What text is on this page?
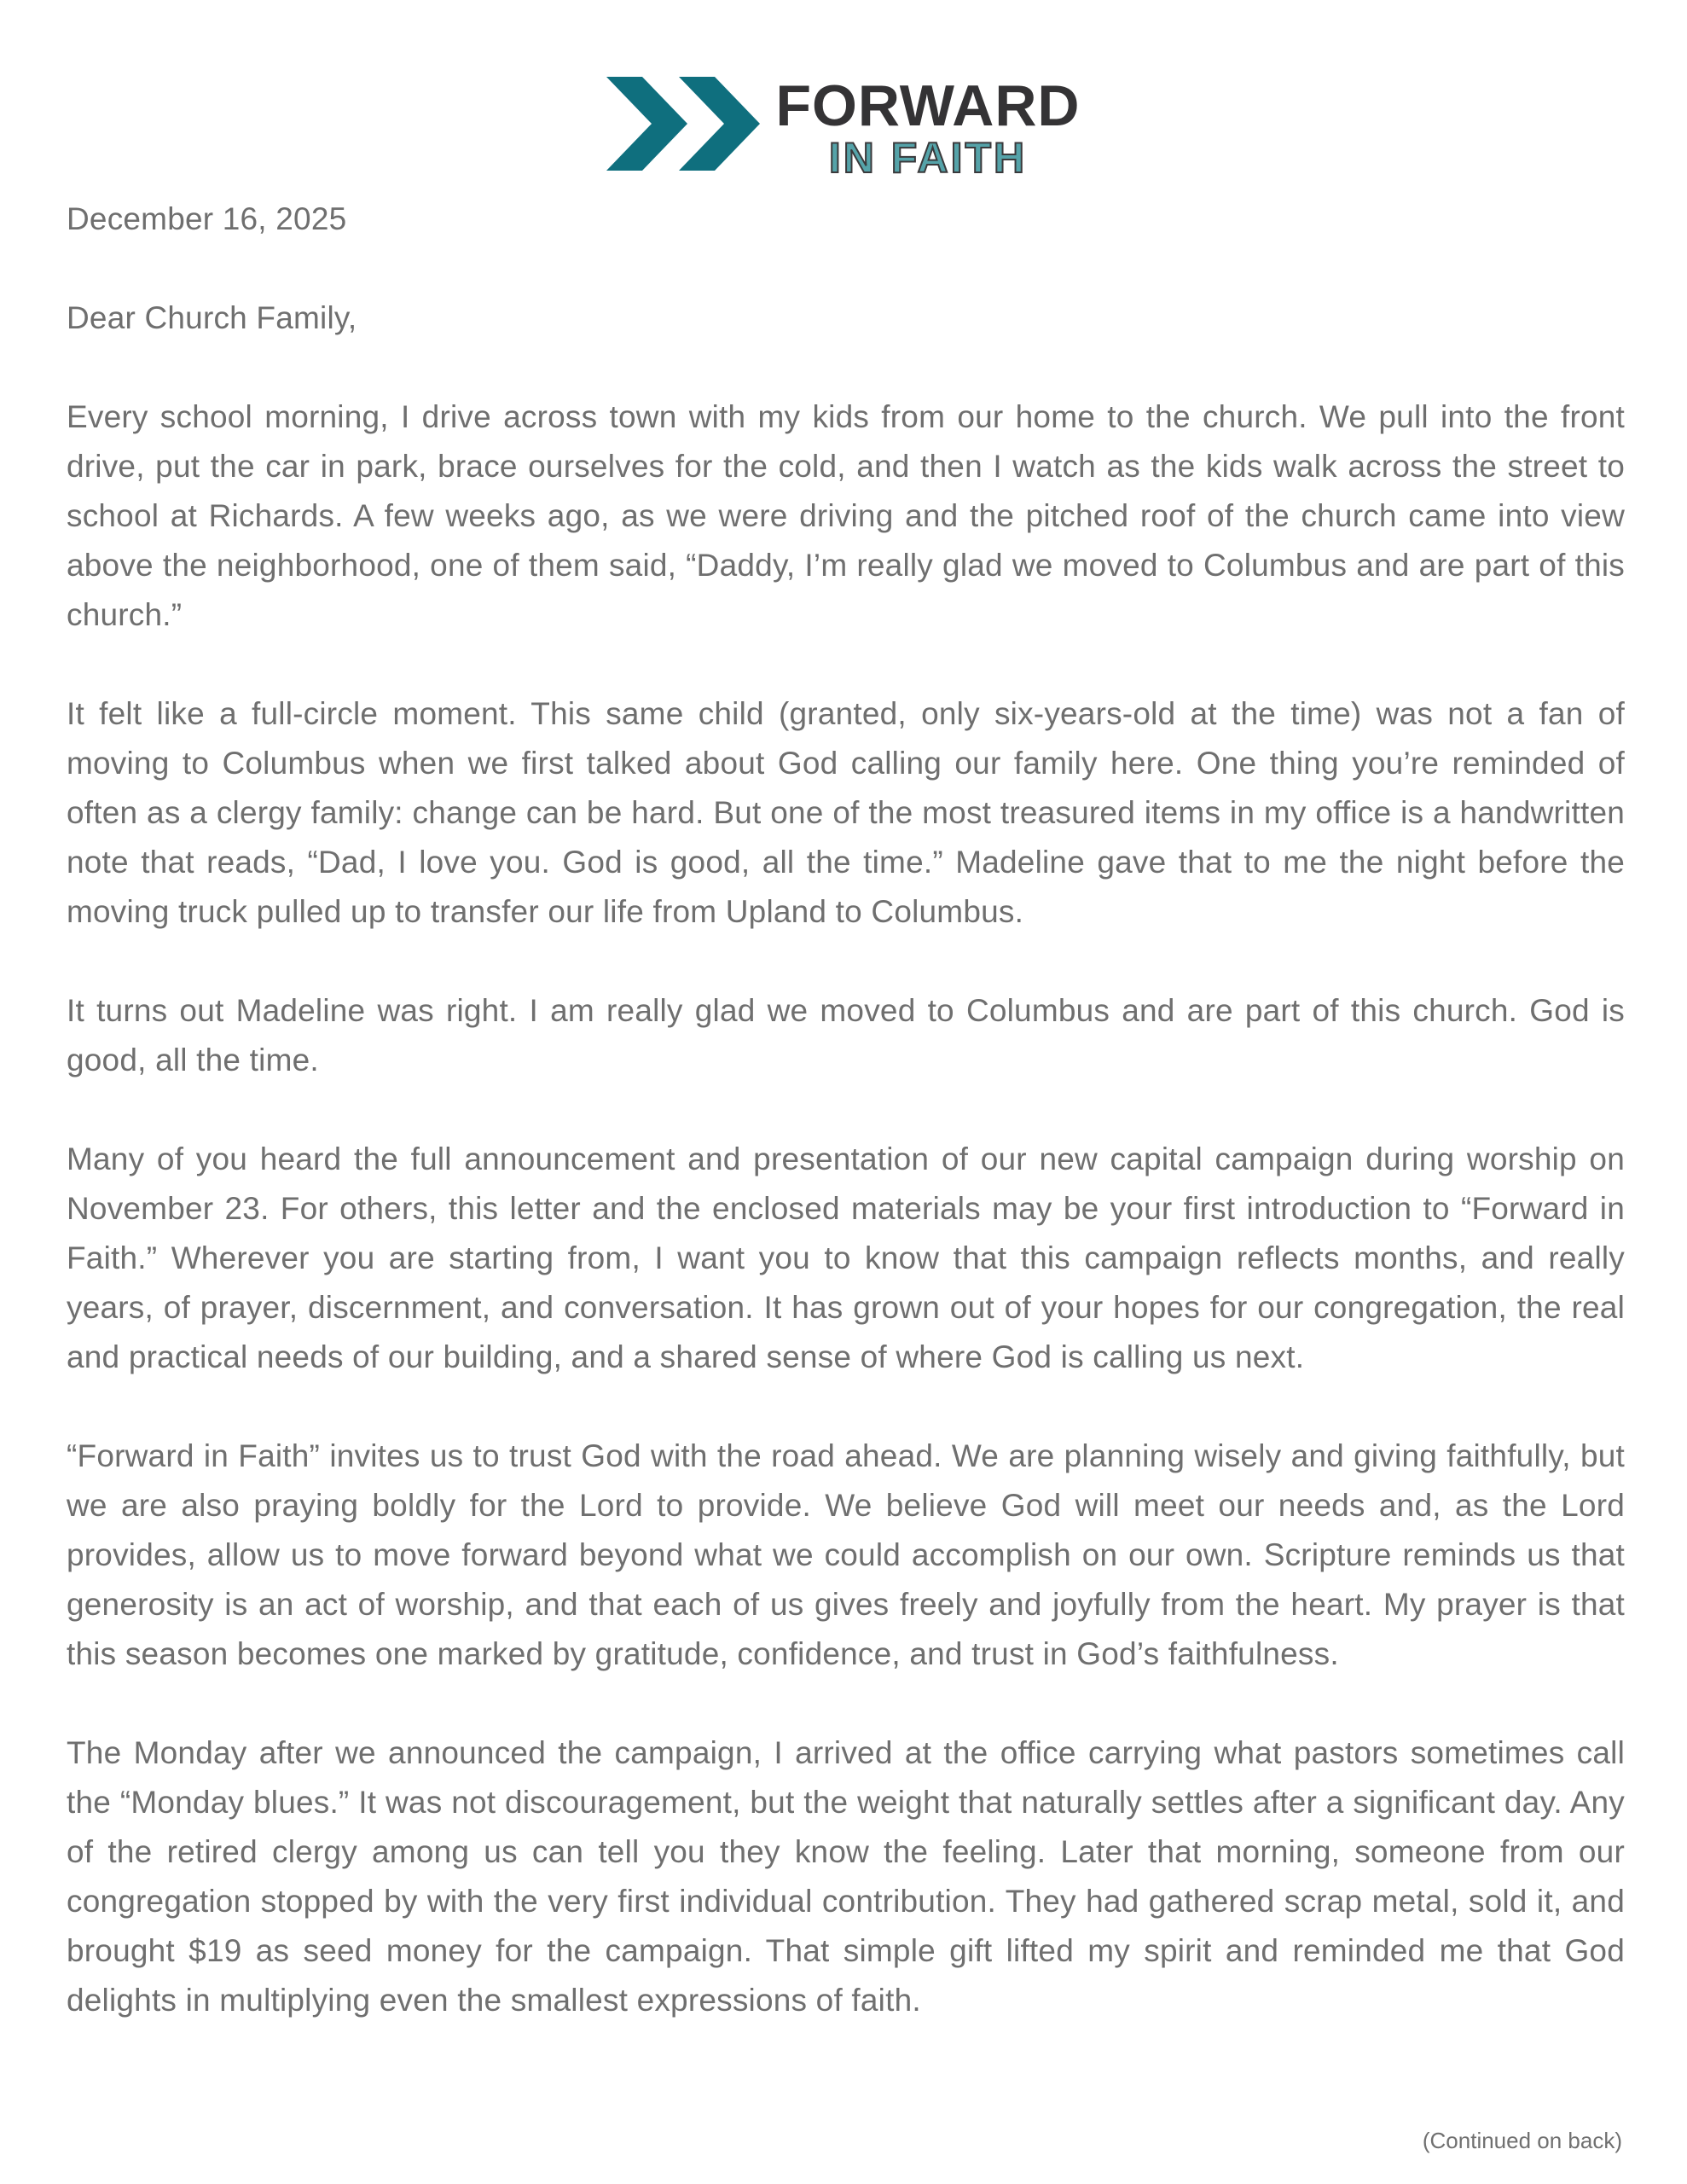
FORWARD
IN FAITH

December 16, 2025

Dear Church Family,

Every school morning, I drive across town with my kids from our home to the church. We pull into the front drive, put the car in park, brace ourselves for the cold, and then I watch as the kids walk across the street to school at Richards. A few weeks ago, as we were driving and the pitched roof of the church came into view above the neighborhood, one of them said, “Daddy, I’m really glad we moved to Columbus and are part of this church.”

It felt like a full-circle moment. This same child (granted, only six-years-old at the time) was not a fan of moving to Columbus when we first talked about God calling our family here. One thing you’re reminded of often as a clergy family: change can be hard. But one of the most treasured items in my office is a handwritten note that reads, “Dad, I love you. God is good, all the time.” Madeline gave that to me the night before the moving truck pulled up to transfer our life from Upland to Columbus.

It turns out Madeline was right. I am really glad we moved to Columbus and are part of this church. God is good, all the time.

Many of you heard the full announcement and presentation of our new capital campaign during worship on November 23. For others, this letter and the enclosed materials may be your first introduction to “Forward in Faith.” Wherever you are starting from, I want you to know that this campaign reflects months, and really years, of prayer, discernment, and conversation. It has grown out of your hopes for our congregation, the real and practical needs of our building, and a shared sense of where God is calling us next.

“Forward in Faith” invites us to trust God with the road ahead. We are planning wisely and giving faithfully, but we are also praying boldly for the Lord to provide. We believe God will meet our needs and, as the Lord provides, allow us to move forward beyond what we could accomplish on our own. Scripture reminds us that generosity is an act of worship, and that each of us gives freely and joyfully from the heart. My prayer is that this season becomes one marked by gratitude, confidence, and trust in God’s faithfulness.

The Monday after we announced the campaign, I arrived at the office carrying what pastors sometimes call the “Monday blues.” It was not discouragement, but the weight that naturally settles after a significant day. Any of the retired clergy among us can tell you they know the feeling. Later that morning, someone from our congregation stopped by with the very first individual contribution. They had gathered scrap metal, sold it, and brought $19 as seed money for the campaign. That simple gift lifted my spirit and reminded me that God delights in multiplying even the smallest expressions of faith.

(Continued on back)
